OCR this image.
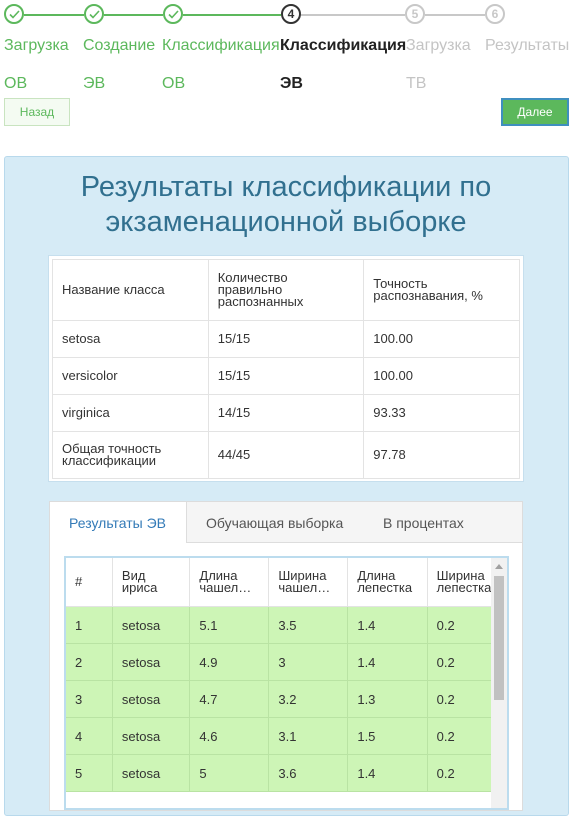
Загрузка
ОВ
Создание
ЭВ
Классификация
ОВ
4
Классификация
ЭВ
5
Загрузка
ТВ
6
Результаты
Назад	Далее
Результаты классификации по экзаменационной выборке
Название класса	Количество правильно распознанных	Точность распознавания, %
setosa	15/15	100.00
versicolor	15/15	100.00
virginica	14/15	93.33
Общая точность классификации	44/45	97.78
Результаты ЭВ	Обучающая выборка	В процентах
#	Вид ириса	Длина чашел…	Ширина чашел…	Длина лепестка	Ширина лепестка
1	setosa	5.1	3.5	1.4	0.2
2	setosa	4.9	3	1.4	0.2
3	setosa	4.7	3.2	1.3	0.2
4	setosa	4.6	3.1	1.5	0.2
5	setosa	5	3.6	1.4	0.2
